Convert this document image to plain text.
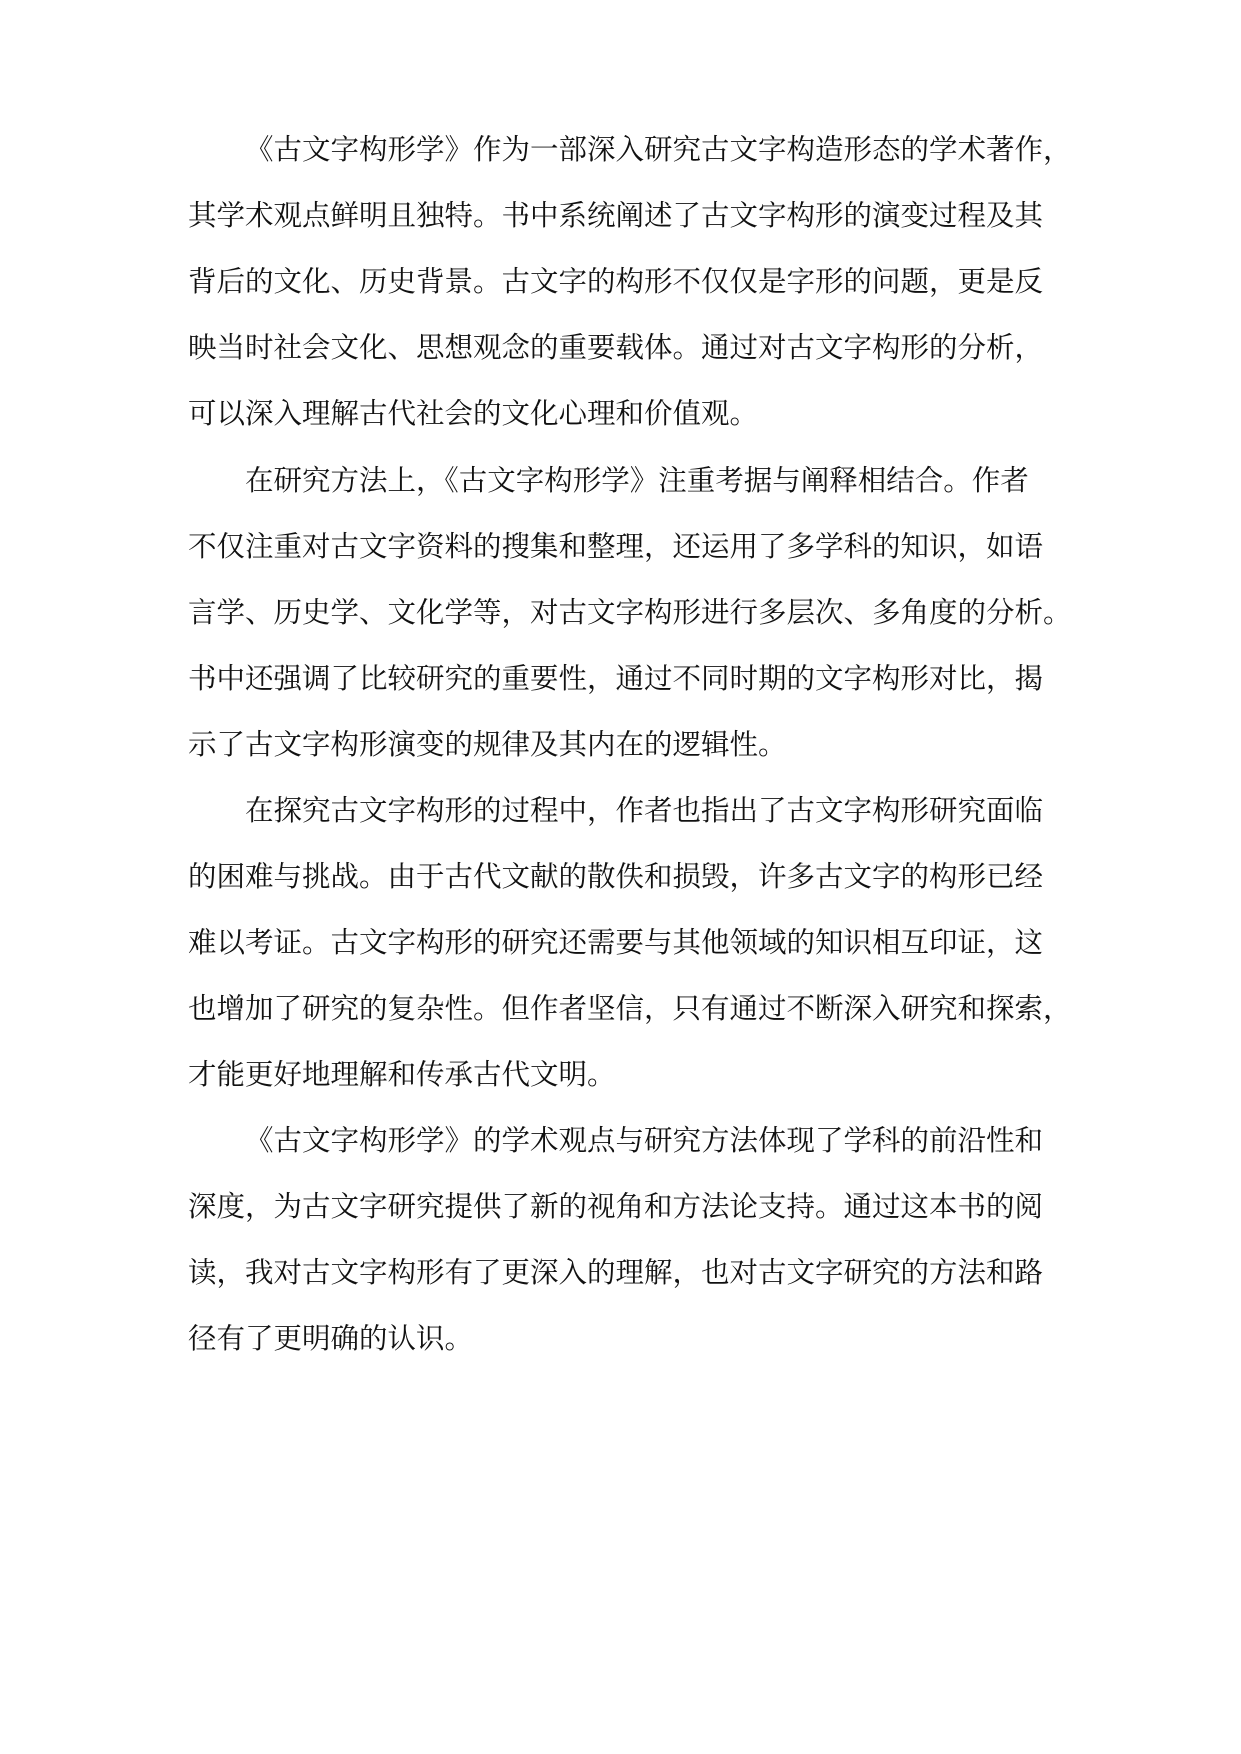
《古文字构形学》作为一部深入研究古文字构造形态的学术著作，

其学术观点鲜明且独特。书中系统阐述了古文字构形的演变过程及其

背后的文化、历史背景。古文字的构形不仅仅是字形的问题，更是反

映当时社会文化、思想观念的重要载体。通过对古文字构形的分析，

可以深入理解古代社会的文化心理和价值观。

在研究方法上，《古文字构形学》注重考据与阐释相结合。作者

不仅注重对古文字资料的搜集和整理，还运用了多学科的知识，如语

言学、历史学、文化学等，对古文字构形进行多层次、多角度的分析。

书中还强调了比较研究的重要性，通过不同时期的文字构形对比，揭

示了古文字构形演变的规律及其内在的逻辑性。

在探究古文字构形的过程中，作者也指出了古文字构形研究面临

的困难与挑战。由于古代文献的散佚和损毁，许多古文字的构形已经

难以考证。古文字构形的研究还需要与其他领域的知识相互印证，这

也增加了研究的复杂性。但作者坚信，只有通过不断深入研究和探索，

才能更好地理解和传承古代文明。

《古文字构形学》的学术观点与研究方法体现了学科的前沿性和

深度，为古文字研究提供了新的视角和方法论支持。通过这本书的阅

读，我对古文字构形有了更深入的理解，也对古文字研究的方法和路

径有了更明确的认识。
